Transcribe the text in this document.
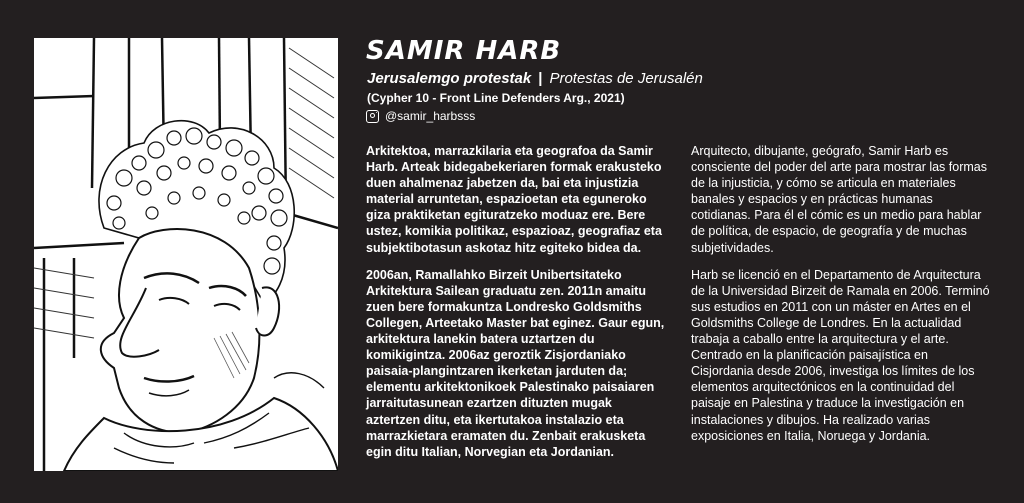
SAMIR HARB
Jerusalemgo protestak | Protestas de Jerusalén
(Cypher 10 - Front Line Defenders Arg., 2021)
@samir_harbsss

Arkitektoa, marrazkilaria eta geografoa da Samir Harb. Arteak bidegabekeriaren formak erakusteko duen ahalmenaz jabetzen da, bai eta injustizia material arruntetan, espazioetan eta eguneroko giza praktiketan egituratzeko moduaz ere. Bere ustez, komikia politikaz, espazioaz, geografiaz eta subjektibotasun askotaz hitz egiteko bidea da.

2006an, Ramallahko Birzeit Unibertsitateko Arkitektura Sailean graduatu zen. 2011n amaitu zuen bere formakuntza Londresko Goldsmiths Collegen, Arteetako Master bat eginez. Gaur egun, arkitektura lanekin batera uztartzen du komikigintza. 2006az geroztik Zisjordaniako paisaia-plangintzaren ikerketan jarduten da; elementu arkitektonikoek Palestinako paisaiaren jarraitutasunean ezartzen dituzten mugak aztertzen ditu, eta ikertutakoa instalazio eta marrazkietara eramaten du. Zenbait erakusketa egin ditu Italian, Norvegian eta Jordanian.

Arquitecto, dibujante, geógrafo, Samir Harb es consciente del poder del arte para mostrar las formas de la injusticia, y cómo se articula en materiales banales y espacios y en prácticas humanas cotidianas. Para él el cómic es un medio para hablar de política, de espacio, de geografía y de muchas subjetividades.

Harb se licenció en el Departamento de Arquitectura de la Universidad Birzeit de Ramala en 2006. Terminó sus estudios en 2011 con un máster en Artes en el Goldsmiths College de Londres. En la actualidad trabaja a caballo entre la arquitectura y el arte. Centrado en la planificación paisajística en Cisjordania desde 2006, investiga los límites de los elementos arquitectónicos en la continuidad del paisaje en Palestina y traduce la investigación en instalaciones y dibujos. Ha realizado varias exposiciones en Italia, Noruega y Jordania.
